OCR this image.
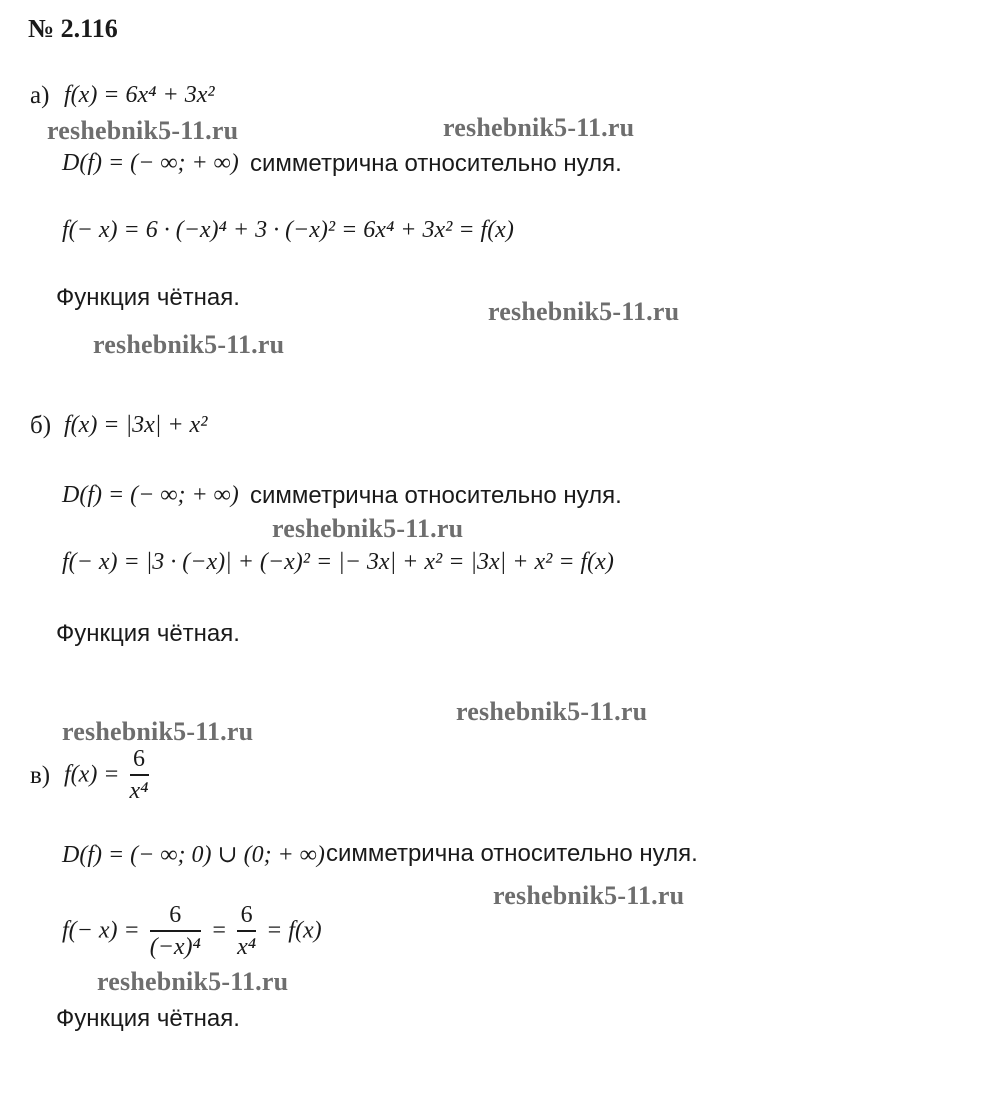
№ 2.116
а) f(x) = 6x⁴ + 3x²
reshebnik5-11.ru	reshebnik5-11.ru
D(f) = (− ∞; + ∞) симметрична относительно нуля.
f(− x) = 6 · (−x)⁴ + 3 · (−x)² = 6x⁴ + 3x² = f(x)
Функция чётная.	reshebnik5-11.ru
reshebnik5-11.ru
б) f(x) = |3x| + x²
D(f) = (− ∞; + ∞) симметрична относительно нуля.
reshebnik5-11.ru
f(− x) = |3 · (−x)| + (−x)² = |− 3x| + x² = |3x| + x² = f(x)
Функция чётная.
reshebnik5-11.ru
reshebnik5-11.ru
в) $f(x) = \frac{6}{\text{x⁴}}$
D(f) = (− ∞; 0) ∪ (0; + ∞) симметрична относительно нуля.
reshebnik5-11.ru
$f(- x) = \frac{6}{\text{(−x)⁴}} = \frac{6}{\text{x⁴}} = f(x)$
reshebnik5-11.ru
Функция чётная.
